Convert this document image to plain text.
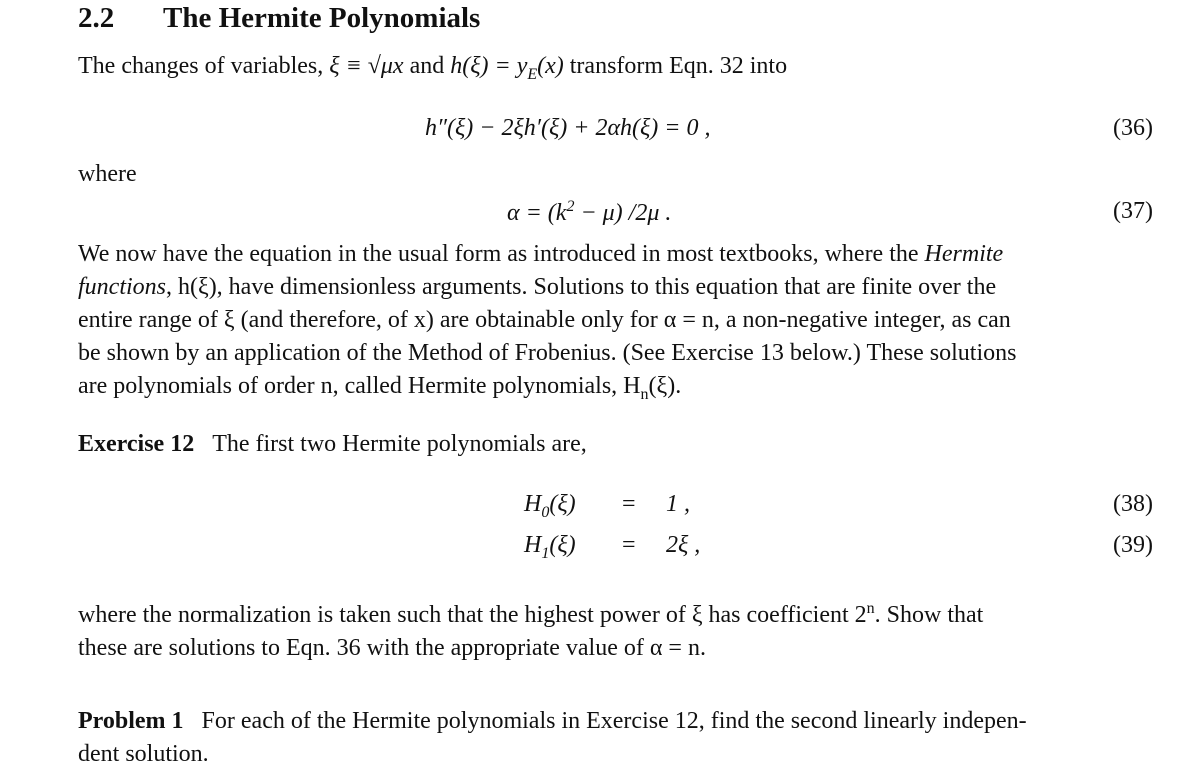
2.2 The Hermite Polynomials
The changes of variables, ξ ≡ √μx and $h(\xi) = y_E(x)$ transform Eqn. 32 into
h″(ξ) − 2ξh′(ξ) + 2αh(ξ) = 0 ,	(36)
where
$\alpha = (k^2 - \mu)$ /2μ .	(37)
We now have the equation in the usual form as introduced in most textbooks, where the Hermite
functions, h(ξ), have dimensionless arguments. Solutions to this equation that are finite over the
entire range of ξ (and therefore, of x) are obtainable only for α = n, a non-negative integer, as can
be shown by an application of the Method of Frobenius. (See Exercise 13 below.) These solutions
are polynomials of order n, called Hermite polynomials, $H_n(\xi)$.
Exercise 12 The first two Hermite polynomials are,
$H_0(\xi) = 1$ ,	(38)
$H_1(\xi) = 2\xi$ ,	(39)
where the normalization is taken such that the highest power of ξ has coefficient 2$^n$. Show that
these are solutions to Eqn. 36 with the appropriate value of α = n.
Problem 1 For each of the Hermite polynomials in Exercise 12, find the second linearly indepen-
dent solution.
